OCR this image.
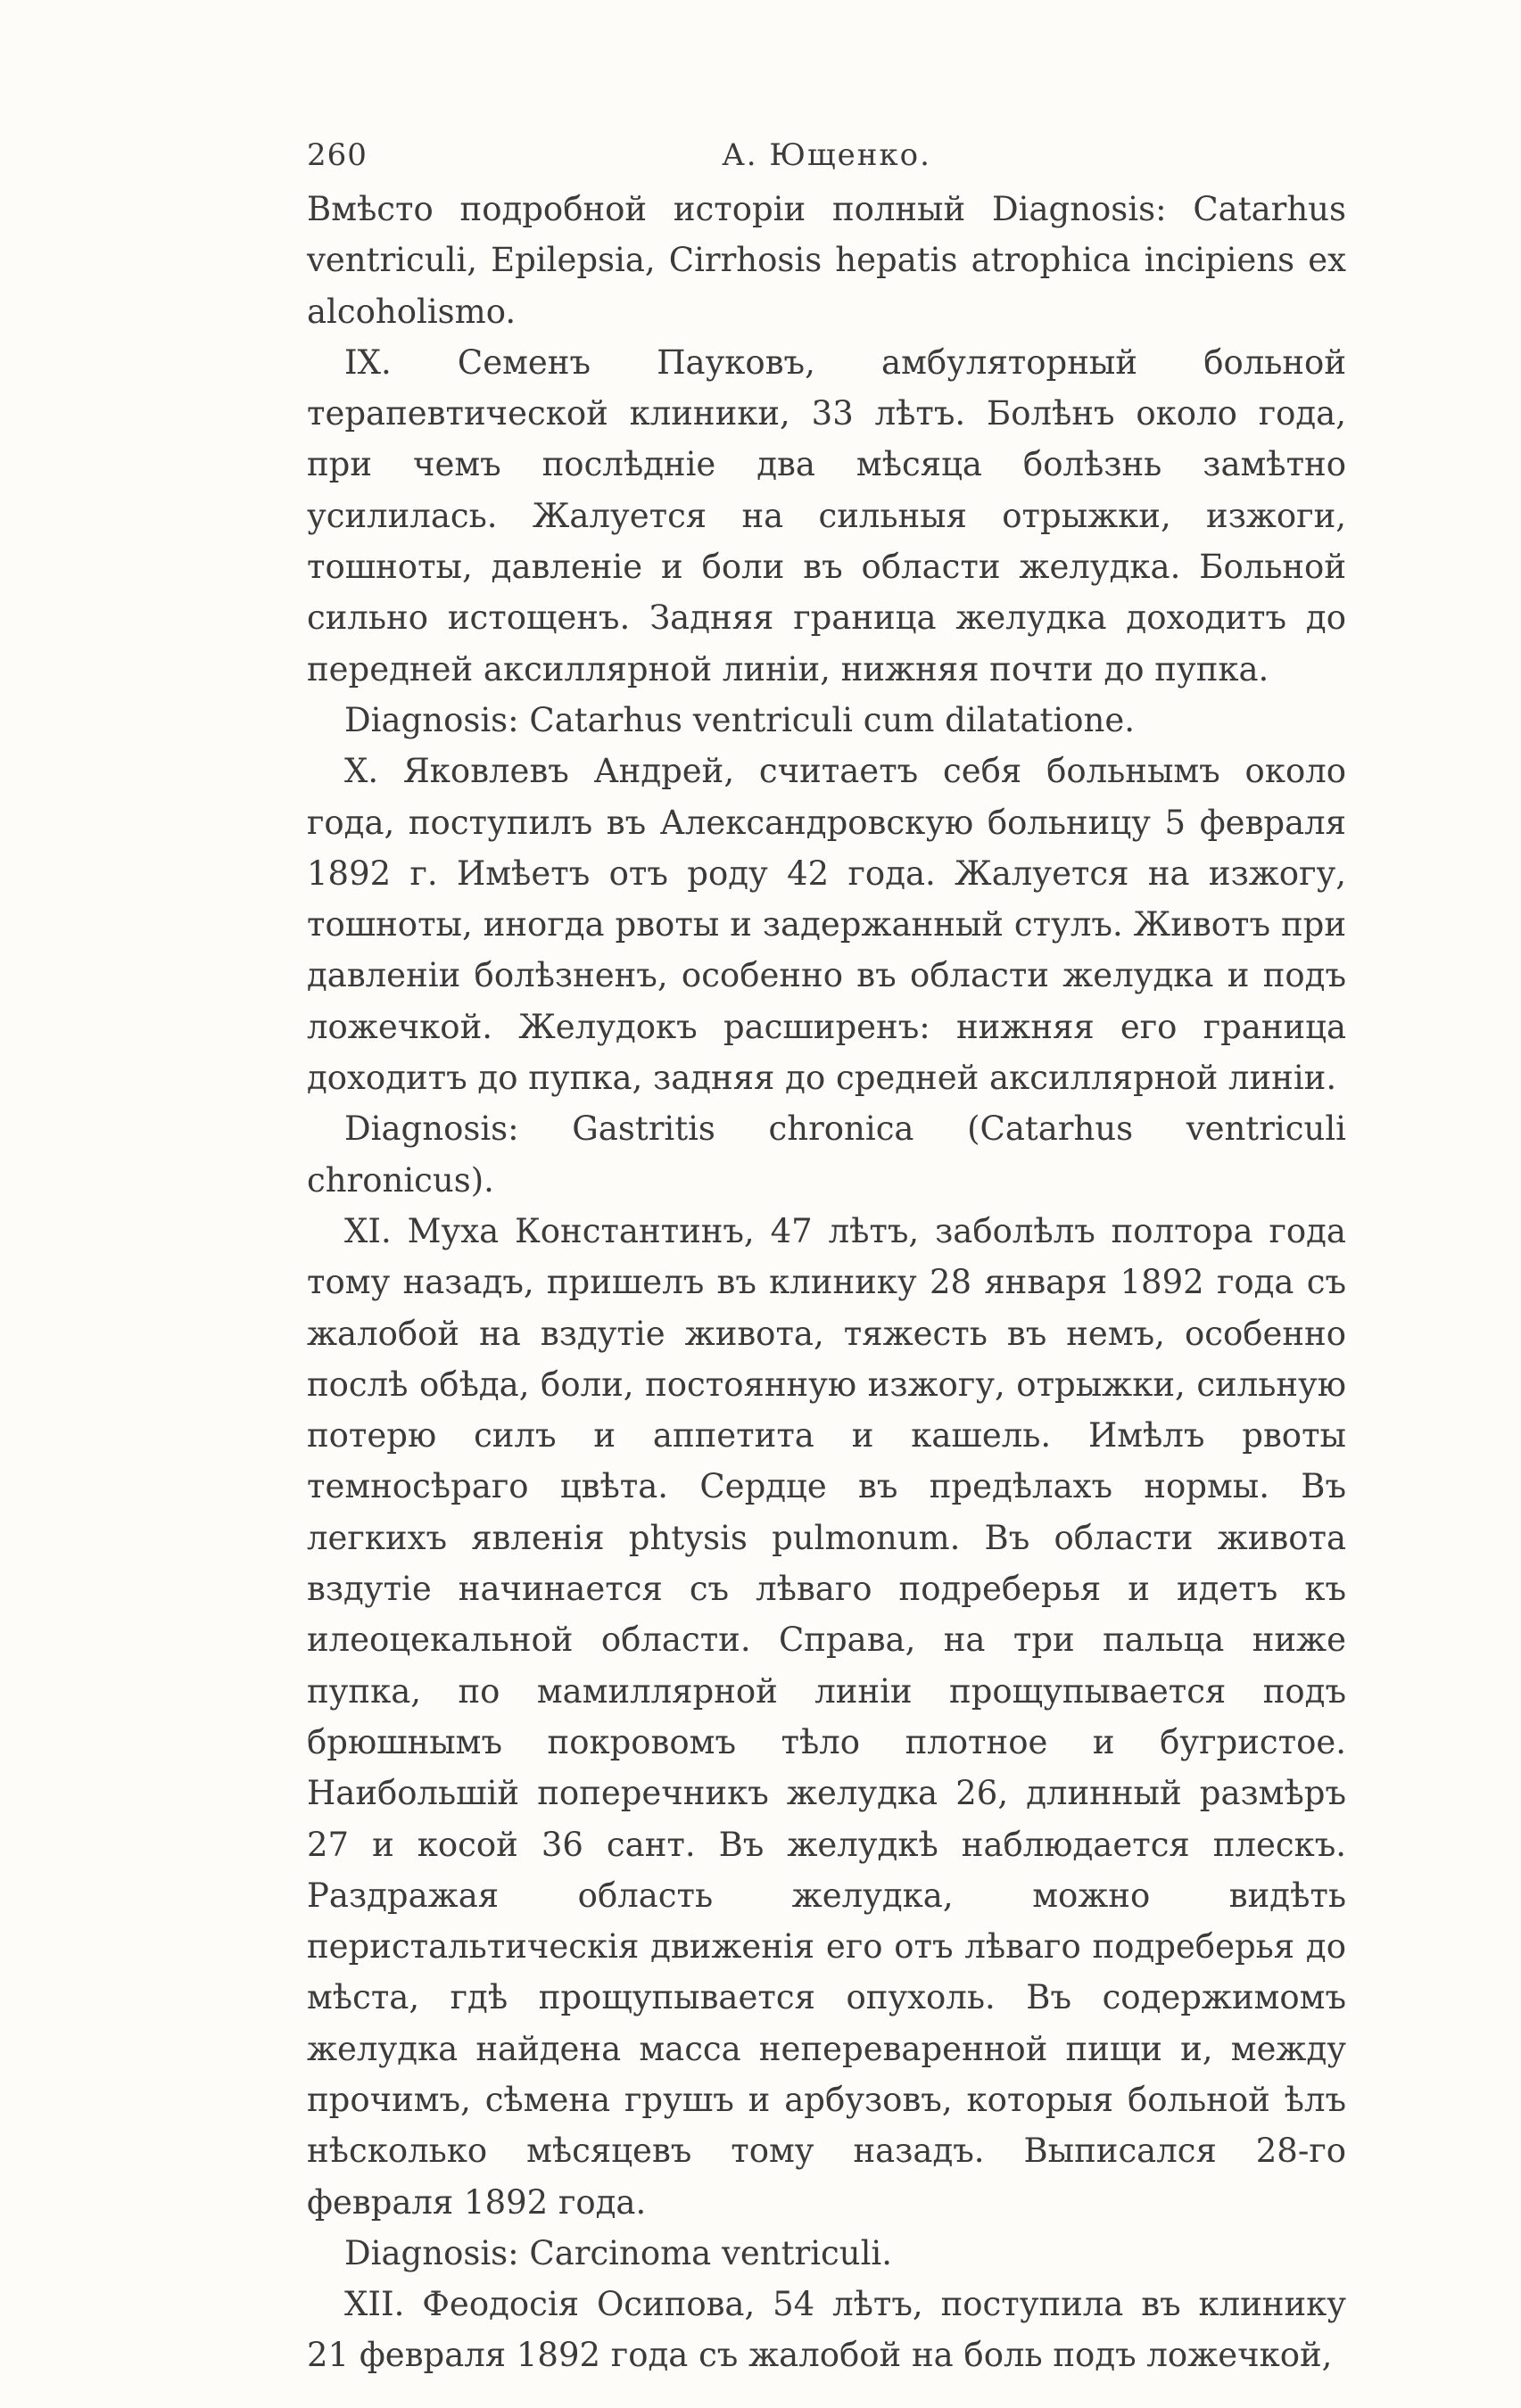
260	А. Ющенко.

Вмѣсто подробной исторіи полный Diagnosis: Catarhus ventriculi, Epilepsia, Cirrhosis hepatis atrophica incipiens ex alcoholismo.

IX. Семенъ Пауковъ, амбуляторный больной терапевтической клиники, 33 лѣтъ. Болѣнъ около года, при чемъ послѣдніе два мѣсяца болѣзнь замѣтно усилилась. Жалуется на сильныя отрыжки, изжоги, тошноты, давленіе и боли въ области желудка. Больной сильно истощенъ. Задняя граница желудка доходитъ до передней аксиллярной линіи, нижняя почти до пупка.

Diagnosis: Catarhus ventriculi cum dilatatione.

X. Яковлевъ Андрей, считаетъ себя больнымъ около года, поступилъ въ Александровскую больницу 5 февраля 1892 г. Имѣетъ отъ роду 42 года. Жалуется на изжогу, тошноты, иногда рвоты и задержанный стулъ. Животъ при давленіи болѣзненъ, особенно въ области желудка и подъ ложечкой. Желудокъ расширенъ: нижняя его граница доходитъ до пупка, задняя до средней аксиллярной линіи.

Diagnosis: Gastritis chronica (Catarhus ventriculi chronicus).

XI. Муха Константинъ, 47 лѣтъ, заболѣлъ полтора года тому назадъ, пришелъ въ клинику 28 января 1892 года съ жалобой на вздутіе живота, тяжесть въ немъ, особенно послѣ обѣда, боли, постоянную изжогу, отрыжки, сильную потерю силъ и аппетита и кашель. Имѣлъ рвоты темносѣраго цвѣта. Сердце въ предѣлахъ нормы. Въ легкихъ явленія phtysis pulmonum. Въ области живота вздутіе начинается съ лѣваго подреберья и идетъ къ илеоцекальной области. Справа, на три пальца ниже пупка, по мамиллярной линіи прощупывается подъ брюшнымъ покровомъ тѣло плотное и бугристое. Наибольшій поперечникъ желудка 26, длинный размѣръ 27 и косой 36 сант. Въ желудкѣ наблюдается плескъ. Раздражая область желудка, можно видѣть перистальтическія движенія его отъ лѣваго подреберья до мѣста, гдѣ прощупывается опухоль. Въ содержимомъ желудка найдена масса непереваренной пищи и, между прочимъ, сѣмена грушъ и арбузовъ, которыя больной ѣлъ нѣсколько мѣсяцевъ тому назадъ. Выписался 28-го февраля 1892 года.

Diagnosis: Carcinoma ventriculi.

XII. Феодосія Осипова, 54 лѣтъ, поступила въ клинику 21 февраля 1892 года съ жалобой на боль подъ ложечкой,
